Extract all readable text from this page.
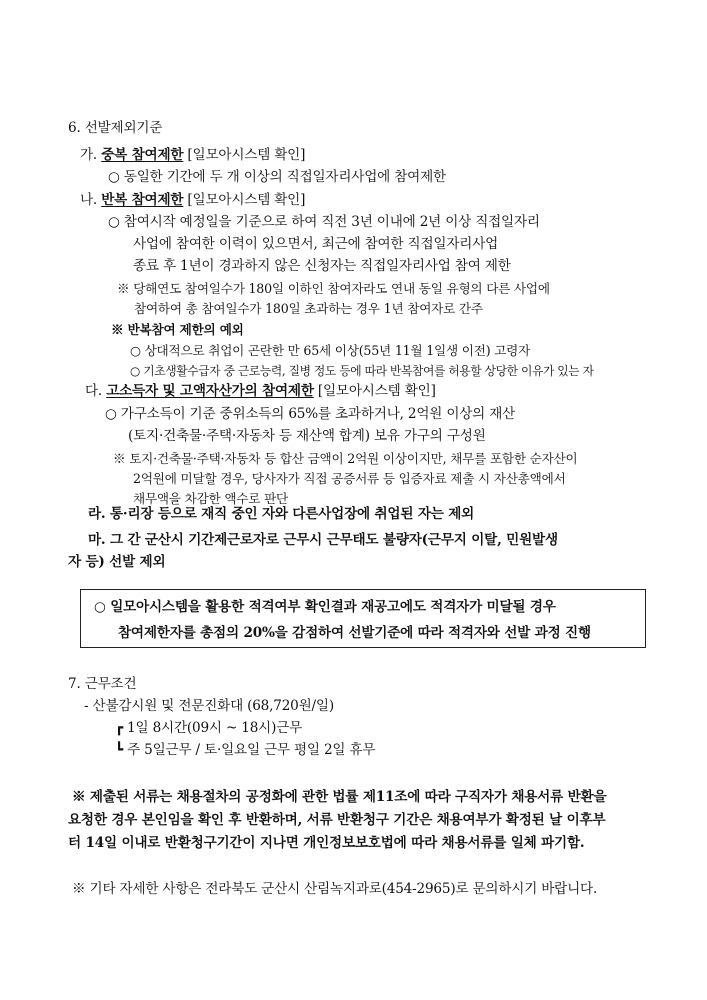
6. 선발제외기준
가. 중복 참여제한 [일모아시스템 확인]
○ 동일한 기간에 두 개 이상의 직접일자리사업에 참여제한
나. 반복 참여제한 [일모아시스템 확인]
○ 참여시작 예정일을 기준으로 하여 직전 3년 이내에 2년 이상 직접일자리
사업에 참여한 이력이 있으면서, 최근에 참여한 직접일자리사업
종료 후 1년이 경과하지 않은 신청자는 직접일자리사업 참여 제한
※ 당해연도 참여일수가 180일 이하인 참여자라도 연내 동일 유형의 다른 사업에
참여하여 총 참여일수가 180일 초과하는 경우 1년 참여자로 간주
※ 반복참여 제한의 예외
○ 상대적으로 취업이 곤란한 만 65세 이상(55년 11월 1일생 이전) 고령자
○ 기초생활수급자 중 근로능력, 질병 정도 등에 따라 반복참여를 허용할 상당한 이유가 있는 자
다. 고소득자 및 고액자산가의 참여제한 [일모아시스템 확인]
○ 가구소득이 기준 중위소득의 65%를 초과하거나, 2억원 이상의 재산
(토지·건축물·주택·자동차 등 재산액 합계) 보유 가구의 구성원
※ 토지·건축물·주택·자동차 등 합산 금액이 2억원 이상이지만, 채무를 포함한 순자산이
2억원에 미달할 경우, 당사자가 직접 공증서류 등 입증자료 제출 시 자산총액에서
채무액을 차감한 액수로 판단
라. 통·리장 등으로 재직 중인 자와 다른사업장에 취업된 자는 제외
마. 그 간 군산시 기간제근로자로 근무시 근무태도 불량자(근무지 이탈, 민원발생
자 등) 선발 제외
○ 일모아시스템을 활용한 적격여부 확인결과 재공고에도 적격자가 미달될 경우
참여제한자를 총점의 20%을 감점하여 선발기준에 따라 적격자와 선발 과정 진행
7. 근무조건
- 산불감시원 및 전문진화대 (68,720원/일)
┏ 1일 8시간(09시 ~ 18시)근무
┗ 주 5일근무 / 토·일요일 근무 평일 2일 휴무
※ 제출된 서류는 채용절차의 공정화에 관한 법률 제11조에 따라 구직자가 채용서류 반환을
요청한 경우 본인임을 확인 후 반환하며, 서류 반환청구 기간은 채용여부가 확정된 날 이후부
터 14일 이내로 반환청구기간이 지나면 개인정보보호법에 따라 채용서류를 일체 파기함.
※ 기타 자세한 사항은 전라북도 군산시 산림녹지과로(454-2965)로 문의하시기 바랍니다.
